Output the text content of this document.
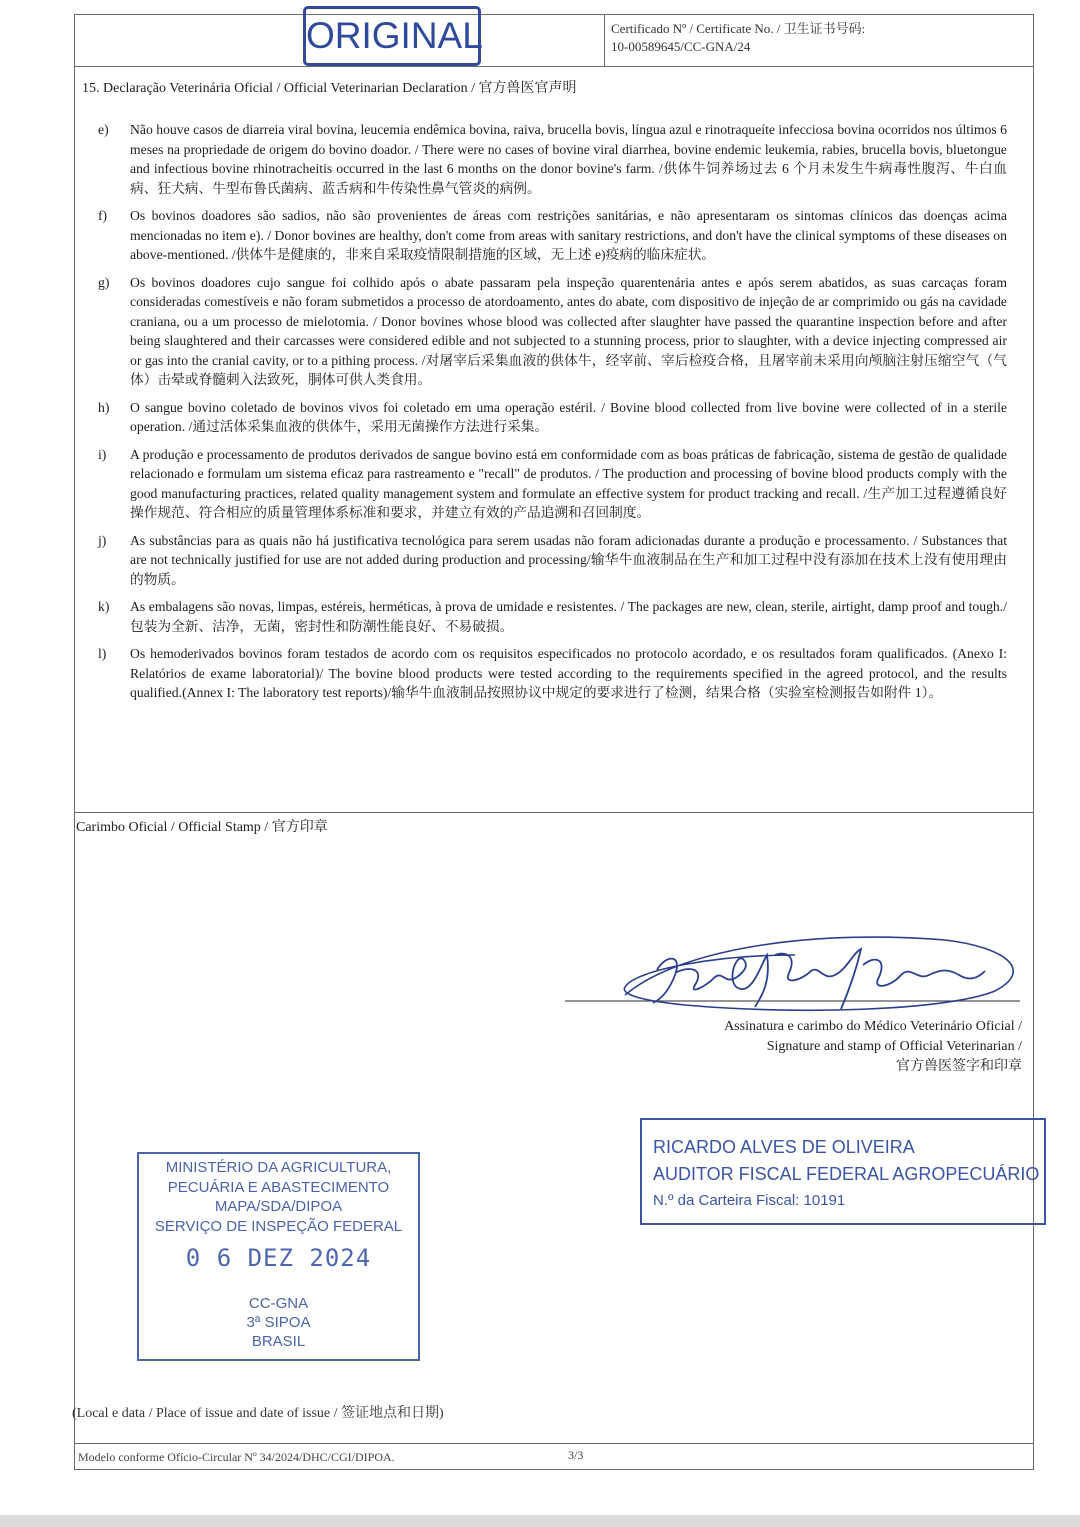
ORIGINAL	Certificado Nº / Certificate No. / 卫生证书号码:
10-00589645/CC-GNA/24
15. Declaração Veterinária Oficial / Official Veterinarian Declaration / 官方兽医官声明
e) Não houve casos de diarreia viral bovina, leucemia endêmica bovina, raiva, brucella bovis, língua azul e rinotraqueíte infecciosa bovina ocorridos nos últimos 6 meses na propriedade de origem do bovino doador. / There were no cases of bovine viral diarrhea, bovine endemic leukemia, rabies, brucella bovis, bluetongue and infectious bovine rhinotracheitis occurred in the last 6 months on the donor bovine's farm. /供体牛饲养场过去 6 个月未发生牛病毒性腹泻、牛白血病、狂犬病、牛型布鲁氏菌病、蓝舌病和牛传染性鼻气管炎的病例。
f) Os bovinos doadores são sadios, não são provenientes de áreas com restrições sanitárias, e não apresentaram os sintomas clínicos das doenças acima mencionadas no item e). / Donor bovines are healthy, don't come from areas with sanitary restrictions, and don't have the clinical symptoms of these diseases on above-mentioned. /供体牛是健康的，非来自采取疫情限制措施的区域，无上述 e)疫病的临床症状。
g) Os bovinos doadores cujo sangue foi colhido após o abate passaram pela inspeção quarentenária antes e após serem abatidos, as suas carcaças foram consideradas comestíveis e não foram submetidos a processo de atordoamento, antes do abate, com dispositivo de injeção de ar comprimido ou gás na cavidade craniana, ou a um processo de mielotomia. / Donor bovines whose blood was collected after slaughter have passed the quarantine inspection before and after being slaughtered and their carcasses were considered edible and not subjected to a stunning process, prior to slaughter, with a device injecting compressed air or gas into the cranial cavity, or to a pithing process. /对屠宰后采集血液的供体牛，经宰前、宰后检疫合格，且屠宰前未采用向颅脑注射压缩空气（气体）击晕或脊髓刺入法致死，胴体可供人类食用。
h) O sangue bovino coletado de bovinos vivos foi coletado em uma operação estéril. / Bovine blood collected from live bovine were collected of in a sterile operation. /通过活体采集血液的供体牛，采用无菌操作方法进行采集。
i) A produção e processamento de produtos derivados de sangue bovino está em conformidade com as boas práticas de fabricação, sistema de gestão de qualidade relacionado e formulam um sistema eficaz para rastreamento e "recall" de produtos. / The production and processing of bovine blood products comply with the good manufacturing practices, related quality management system and formulate an effective system for product tracking and recall. /生产加工过程遵循良好操作规范、符合相应的质量管理体系标准和要求，并建立有效的产品追溯和召回制度。
j) As substâncias para as quais não há justificativa tecnológica para serem usadas não foram adicionadas durante a produção e processamento. / Substances that are not technically justified for use are not added during production and processing/输华牛血液制品在生产和加工过程中没有添加在技术上没有使用理由的物质。
k) As embalagens são novas, limpas, estéreis, herméticas, à prova de umidade e resistentes. / The packages are new, clean, sterile, airtight, damp proof and tough./包装为全新、洁净，无菌，密封性和防潮性能良好、不易破损。
l) Os hemoderivados bovinos foram testados de acordo com os requisitos especificados no protocolo acordado, e os resultados foram qualificados. (Anexo I: Relatórios de exame laboratorial)/ The bovine blood products were tested according to the requirements specified in the agreed protocol, and the results qualified.(Annex I: The laboratory test reports)/输华牛血液制品按照协议中规定的要求进行了检测，结果合格（实验室检测报告如附件 1）。
Carimbo Oficial / Official Stamp / 官方印章
Assinatura e carimbo do Médico Veterinário Oficial /
Signature and stamp of Official Veterinarian /
官方兽医签字和印章
MINISTÉRIO DA AGRICULTURA,
PECUÁRIA E ABASTECIMENTO
MAPA/SDA/DIPOA
SERVIÇO DE INSPEÇÃO FEDERAL
0 6 DEZ 2024
CC-GNA
3ª SIPOA
BRASIL
RICARDO ALVES DE OLIVEIRA
AUDITOR FISCAL FEDERAL AGROPECUÁRIO
N.º da Carteira Fiscal: 10191
(Local e data / Place of issue and date of issue / 签证地点和日期)
Modelo conforme Ofício-Circular Nº 34/2024/DHC/CGI/DIPOA.	3/3
